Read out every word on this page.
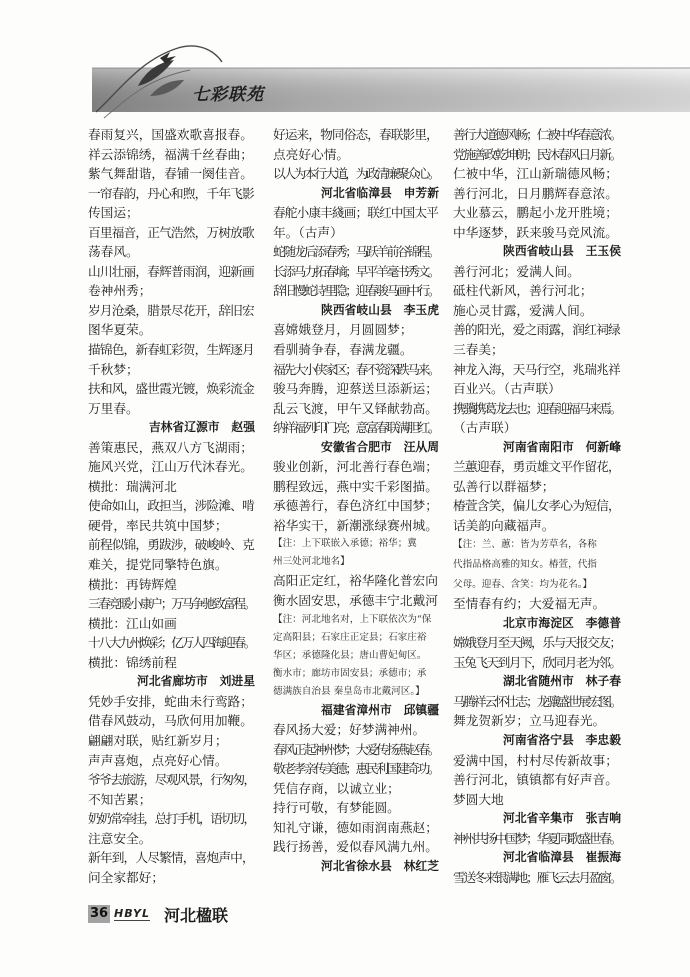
七彩联苑
春雨复兴，国盛欢歌喜报春。
祥云添锦绣，福满千丝春曲；
紫气舞甜谐，春铺一阕佳音。
一帘春韵，丹心和煦，千年飞影
传国运；
百里福音，正气浩然，万树放歌
荡春风。
山川壮丽，春辉普雨润，迎新画
卷神州秀；
岁月沧桑，腊景尽花开，辞旧宏
图华夏荣。
描锦色，新春虹彩贺，生辉逐月
千秋梦；
扶和风，盛世霞光镀，焕彩流金
万里春。
吉林省辽源市　赵强
善策惠民，燕双八方飞湖雨；
施风兴党，江山万代沐春光。
横批：瑞满河北
使命如山，政担当，涉险滩、啃
硬骨，率民共筑中国梦；
前程似锦，勇跋涉，破峻岭、克
难关，提党同擎特色旗。
横批：再铸辉煌
三春竞暖小康户；万马争驰致富程。
横批：江山如画
十八大九州焕彩；亿万人四海迎春。
横批：锦绣前程
河北省廊坊市　刘进星
凭妙手安排，蛇曲未行鸾路；
借春风鼓动，马欣何用加鞭。
翩翩对联，贴红新岁月；
声声喜炮，点亮好心情。
爷爷去旅游，尽观风景，行匆匆，
不知苦累；
奶奶常牵挂，总打手机，语切切，
注意安全。
新年到，人尽繁情，喜炮声中，
问全家都好；
好运来，物同俗态，春联影里，
点亮好心情。
以人为本行大道，为政清廉聚众心。
河北省临漳县　申芳新
春舵小康丰綫画；联红中国太平
年。（古声）
蛇随龙后添春秀；马跃羊前谷锦程。
长添马力拓春墒；早平羊毫书秀文。
辞旧慢蛇诗里隐；迎春骏马画中行。
陕西省岐山县　李玉虎
喜嫦娥登月，月圆圆梦；
看驯骑争春，春满龙疆。
福先大小侠家区；春不资深跌马来。
骏马奔腾，迎蔡送旦添新运；
乱云飞渡，甲午又铎献勃高。
纳祥福列印门亮；意富春联满胆红。
安徽省合肥市　汪从周
骏业创新，河北善行春色端；
鹏程致远，燕中实千彩图描。
承德善行，春色济红中国梦；
裕华实干，新潮涨绿赛州城。
【注：上下联嵌入承德；裕华；冀
州三处河北地名】
高阳正定红，裕华隆化普宏向
衡水固安思，承德丰宁北戴河
【注：河北地名对，上下联依次为“保
定高阳县；石家庄正定县；石家庄裕
华区；承德隆化县；唐山曹妃甸区。
衡水市；廊坊市固安县；承德市；承
德满族自治县 秦皇岛市北戴河区。】
福建省漳州市　邱镇疆
春风扬大爱；好梦满神州。
春风正起神州梦；大爱传扬燕赵春。
敬老孝亲传美德；惠民利国建奇功。
凭信存商，以诚立业；
持行可敬，有梦能圆。
知礼守谦，德如雨润南燕赵；
践行扬善，爱似春风满九州。
河北省徐水县　林红芝
善行大道德风畅；仁被中华春意浓。
党施善政乾坤朗；民沐春风日月新。
仁被中华，江山新瑞德风畅；
善行河北，日月鹏辉春意浓。
大业慕云，鹏起小龙开胜境；
中华逐梦，跃来骏马竞风流。
陕西省岐山县　王玉侯
善行河北；爱满人间。
砥柱代新风，善行河北；
施心灵甘露，爱满人间。
善的阳光，爱之雨露，润红祠绿
三春美；
神龙入海，天马行空，兆瑞兆祥
百业兴。（古声联）
携骥携葛龙去也；迎春迎福马来焉。
（古声联）
河南省南阳市　何新峰
兰蕙迎春，勇贡雄文平作留花，
弘善行以群福梦；
椿萱含笑，偏儿女孝心为短信，
话美韵向藏福声。
【注：兰、蕙：皆为芳草名，各称
代指品格高雅的知女。椿萱，代指
父母。迎春、含笑：均为花名。】
至情春有约；大爱福无声。
北京市海淀区　李德普
嫦娥登月至天阙，乐与天报交友；
玉兔飞天到月下，欣同月老为邻。
湖北省随州市　林子春
马腾祥云怀壮志；龙骧盛世展宏图。
舞龙贺新岁；立马迎春光。
河南省洛宁县　李忠毅
爱满中国，村村尽传新故事；
善行河北，镇镇都有好声音。
梦圆大地
河北省辛集市　张吉响
神州共扬中国梦；华夏同歌盛世春。
河北省临漳县　崔振海
雪送冬来银满地；雁飞云去月盈窗。
36 HBYL 河北楹联
